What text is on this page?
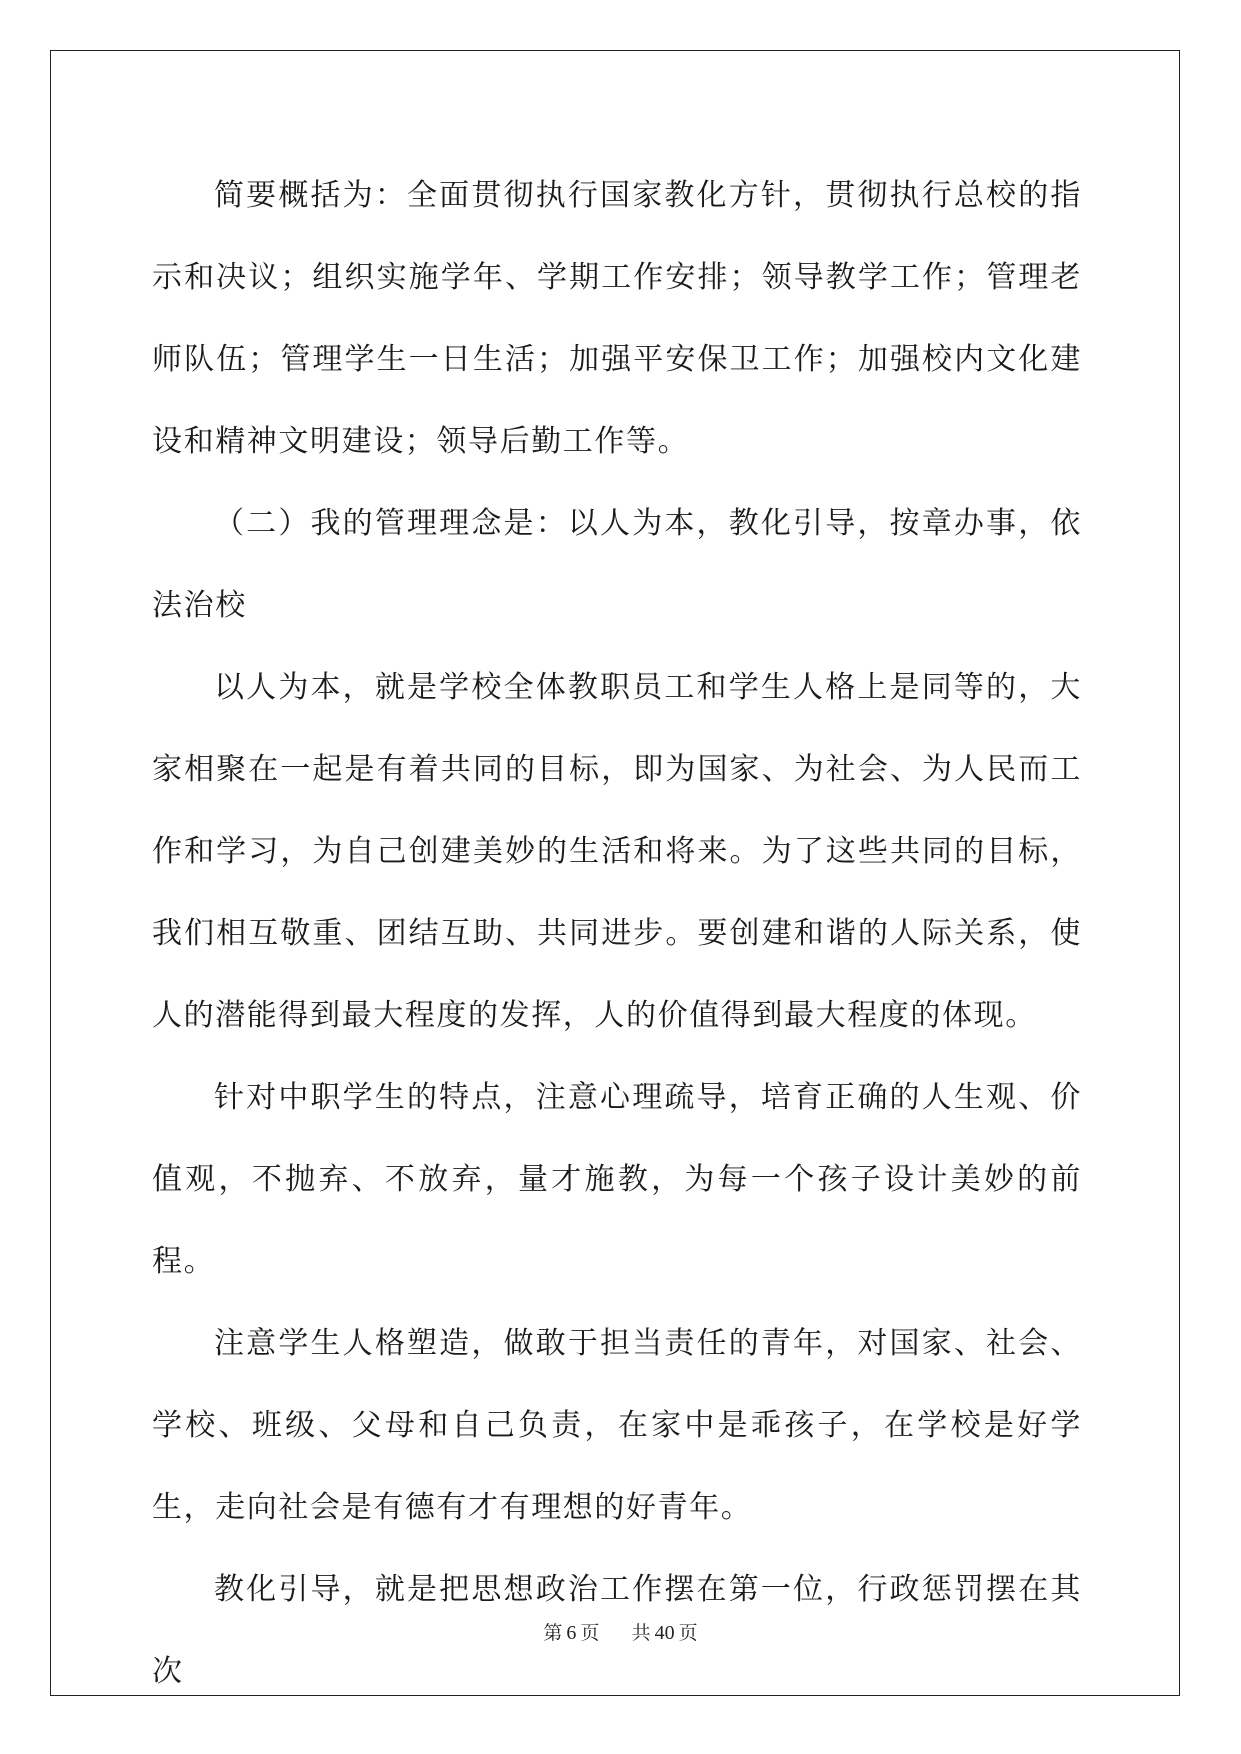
简要概括为：全面贯彻执行国家教化方针，贯彻执行总校的指示和决议；组织实施学年、学期工作安排；领导教学工作；管理老师队伍；管理学生一日生活；加强平安保卫工作；加强校内文化建设和精神文明建设；领导后勤工作等。

（二）我的管理理念是：以人为本，教化引导，按章办事，依法治校

以人为本，就是学校全体教职员工和学生人格上是同等的，大家相聚在一起是有着共同的目标，即为国家、为社会、为人民而工作和学习，为自己创建美妙的生活和将来。为了这些共同的目标，我们相互敬重、团结互助、共同进步。要创建和谐的人际关系，使人的潜能得到最大程度的发挥，人的价值得到最大程度的体现。

针对中职学生的特点，注意心理疏导，培育正确的人生观、价值观，不抛弃、不放弃，量才施教，为每一个孩子设计美妙的前程。

注意学生人格塑造，做敢于担当责任的青年，对国家、社会、学校、班级、父母和自己负责，在家中是乖孩子，在学校是好学生，走向社会是有德有才有理想的好青年。

教化引导，就是把思想政治工作摆在第一位，行政惩罚摆在其次

第 6 页 共 40 页
